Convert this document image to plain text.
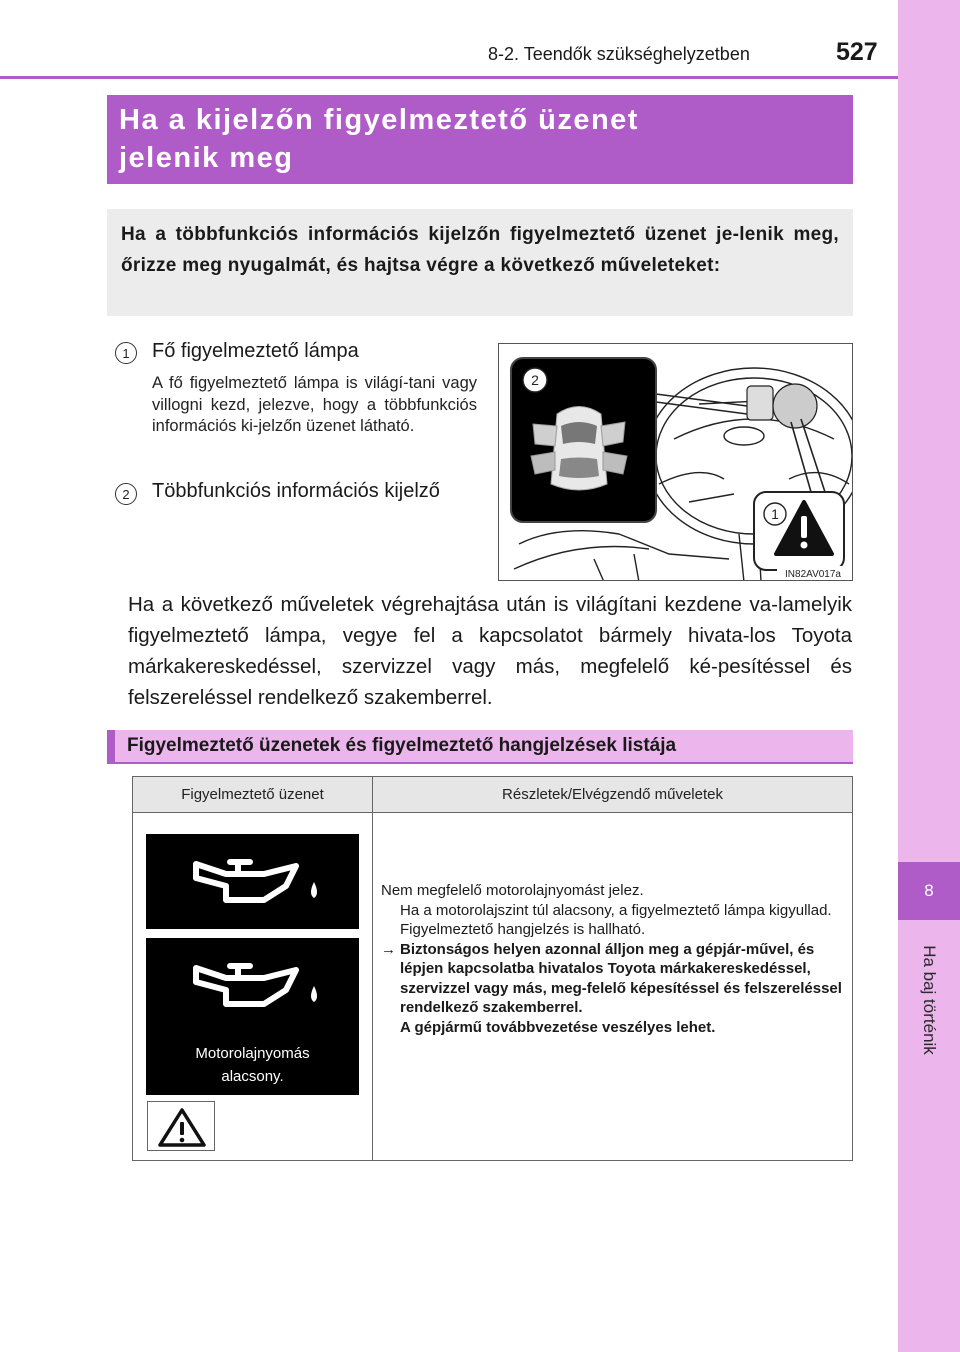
8
Ha baj történik
8-2. Teendők szükséghelyzetben	527
Ha a kijelzőn figyelmeztető üzenet
jelenik meg
Ha a többfunkciós információs kijelzőn figyelmeztető üzenet je-lenik meg, őrizze meg nyugalmát, és hajtsa végre a következő műveleteket:
1	Fő figyelmeztető lámpa
A fő figyelmeztető lámpa is világí-tani vagy villogni kezd, jelezve, hogy a többfunkciós információs ki-jelzőn üzenet látható.
2	Többfunkciós információs kijelző
2
1
IN82AV017a
Ha a következő műveletek végrehajtása után is világítani kezdene va-lamelyik figyelmeztető lámpa, vegye fel a kapcsolatot bármely hivata-los Toyota márkakereskedéssel, szervizzel vagy más, megfelelő ké-pesítéssel és felszereléssel rendelkező szakemberrel.
Figyelmeztető üzenetek és figyelmeztető hangjelzések listája
Figyelmeztető üzenet	Részletek/Elvégzendő műveletek
Motorolajnyomás
alacsony.
Nem megfelelő motorolajnyomást jelez.
Ha a motorolajszint túl alacsony, a figyelmeztető lámpa kigyullad.
Figyelmeztető hangjelzés is hallható.
→ Biztonságos helyen azonnal álljon meg a gépjár-művel, és lépjen kapcsolatba hivatalos Toyota márkakereskedéssel, szervizzel vagy más, meg-felelő képesítéssel és felszereléssel rendelkező szakemberrel.
A gépjármű továbbvezetése veszélyes lehet.
